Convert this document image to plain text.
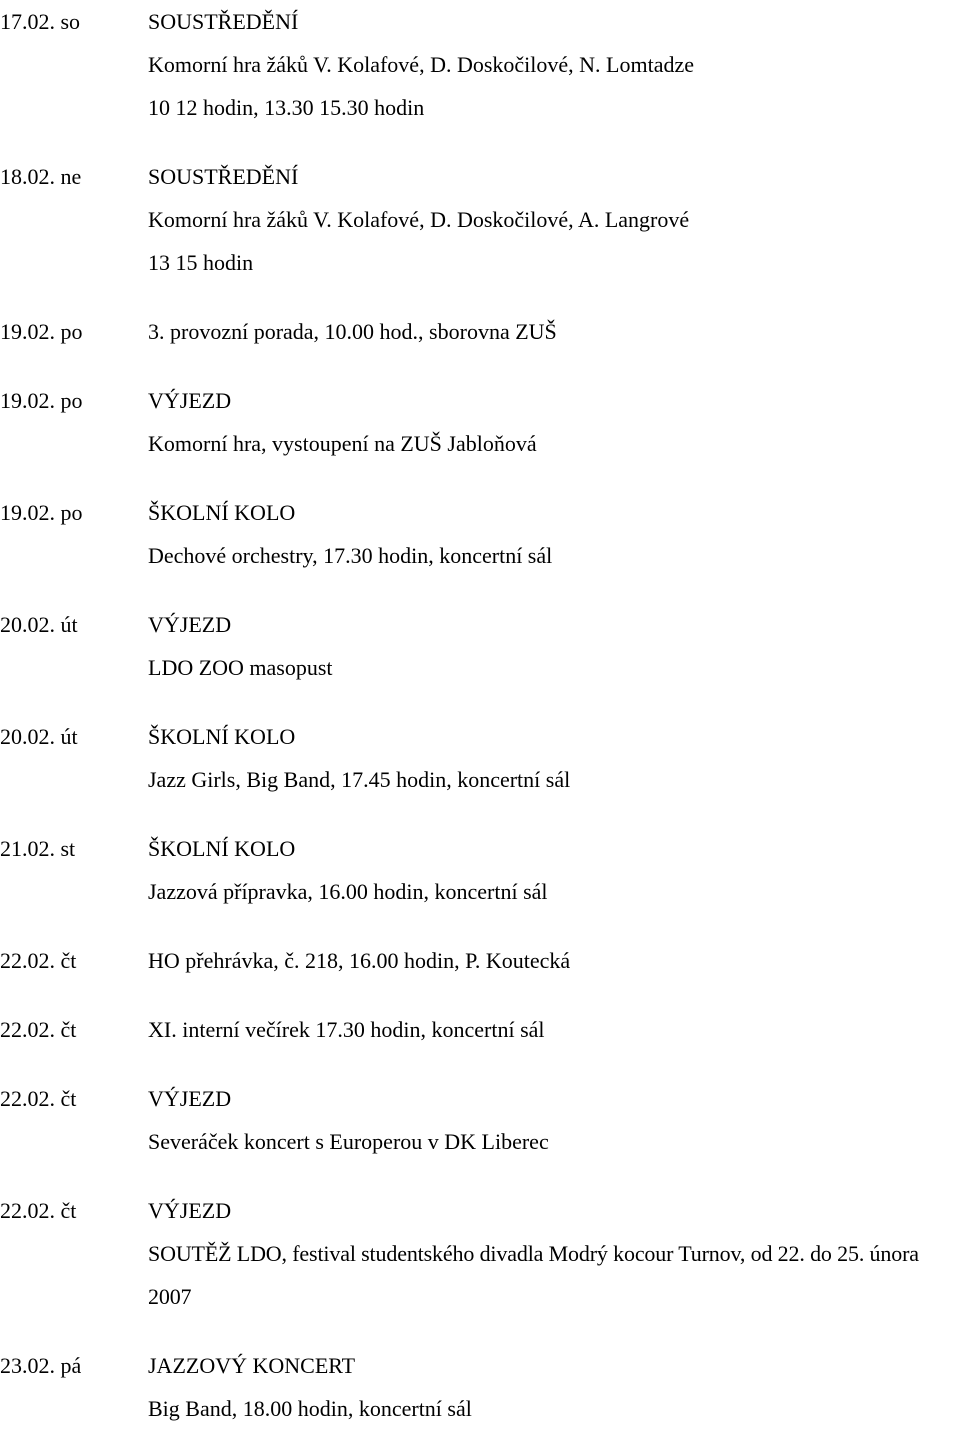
17.02. so	SOUSTŘEDĚNÍ
Komorní hra žáků V. Kolafové, D. Doskočilové, N. Lomtadze
10 12 hodin, 13.30 15.30 hodin
18.02. ne	SOUSTŘEDĚNÍ
Komorní hra žáků V. Kolafové, D. Doskočilové, A. Langrové
13 15 hodin
19.02. po	3. provozní porada, 10.00 hod., sborovna ZUŠ
19.02. po	VÝJEZD
Komorní hra, vystoupení na ZUŠ Jabloňová
19.02. po	ŠKOLNÍ KOLO
Dechové orchestry, 17.30 hodin, koncertní sál
20.02. út	VÝJEZD
LDO ZOO masopust
20.02. út	ŠKOLNÍ KOLO
Jazz Girls, Big Band, 17.45 hodin, koncertní sál
21.02. st	ŠKOLNÍ KOLO
Jazzová přípravka, 16.00 hodin, koncertní sál
22.02. čt	HO přehrávka, č. 218, 16.00 hodin, P. Koutecká
22.02. čt	XI. interní večírek 17.30 hodin, koncertní sál
22.02. čt	VÝJEZD
Severáček koncert s Europerou v DK Liberec
22.02. čt	VÝJEZD
SOUTĚŽ LDO, festival studentského divadla Modrý kocour Turnov, od 22. do 25. února 2007
23.02. pá	JAZZOVÝ KONCERT
Big Band, 18.00 hodin, koncertní sál
